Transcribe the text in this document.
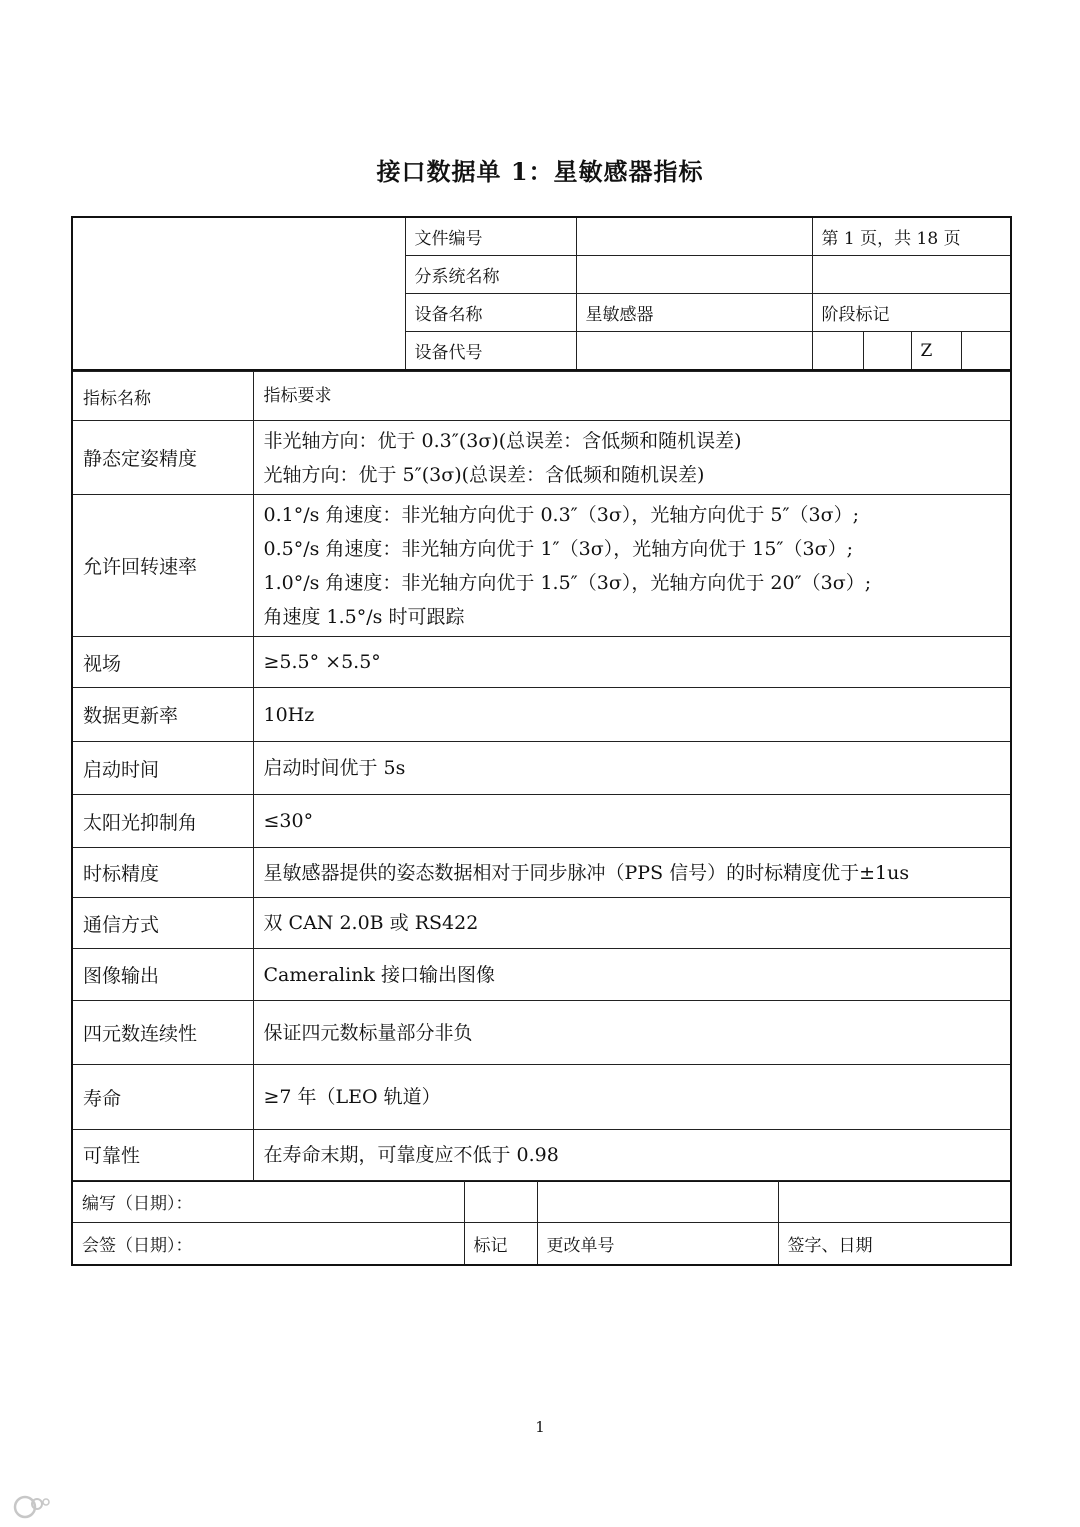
接口数据单 1：星敏感器指标
	文件编号		第 1 页，共 18 页			
	分系统名称					
	设备名称	星敏感器	阶段标记			
	设备代号				Z	
指标名称	指标要求
静态定姿精度	非光轴方向：优于 0.3″(3σ)(总误差：含低频和随机误差)
光轴方向：优于 5″(3σ)(总误差：含低频和随机误差)

允许回转速率	0.1°/s 角速度：非光轴方向优于 0.3″（3σ），光轴方向优于 5″（3σ）;
0.5°/s 角速度：非光轴方向优于 1″（3σ），光轴方向优于 15″（3σ）;
1.0°/s 角速度：非光轴方向优于 1.5″（3σ），光轴方向优于 20″（3σ）;
角速度 1.5°/s 时可跟踪

视场	≥5.5° ×5.5°
数据更新率	10Hz
启动时间	启动时间优于 5s
太阳光抑制角	≤30°
时标精度	星敏感器提供的姿态数据相对于同步脉冲（PPS 信号）的时标精度优于±1us
通信方式	双 CAN 2.0B 或 RS422
图像输出	Cameralink 接口输出图像
四元数连续性	保证四元数标量部分非负
寿命	≥7 年（LEO 轨道）
可靠性	在寿命末期，可靠度应不低于 0.98
编写（日期）：			
会签（日期）：	标记	更改单号	签字、日期
1
